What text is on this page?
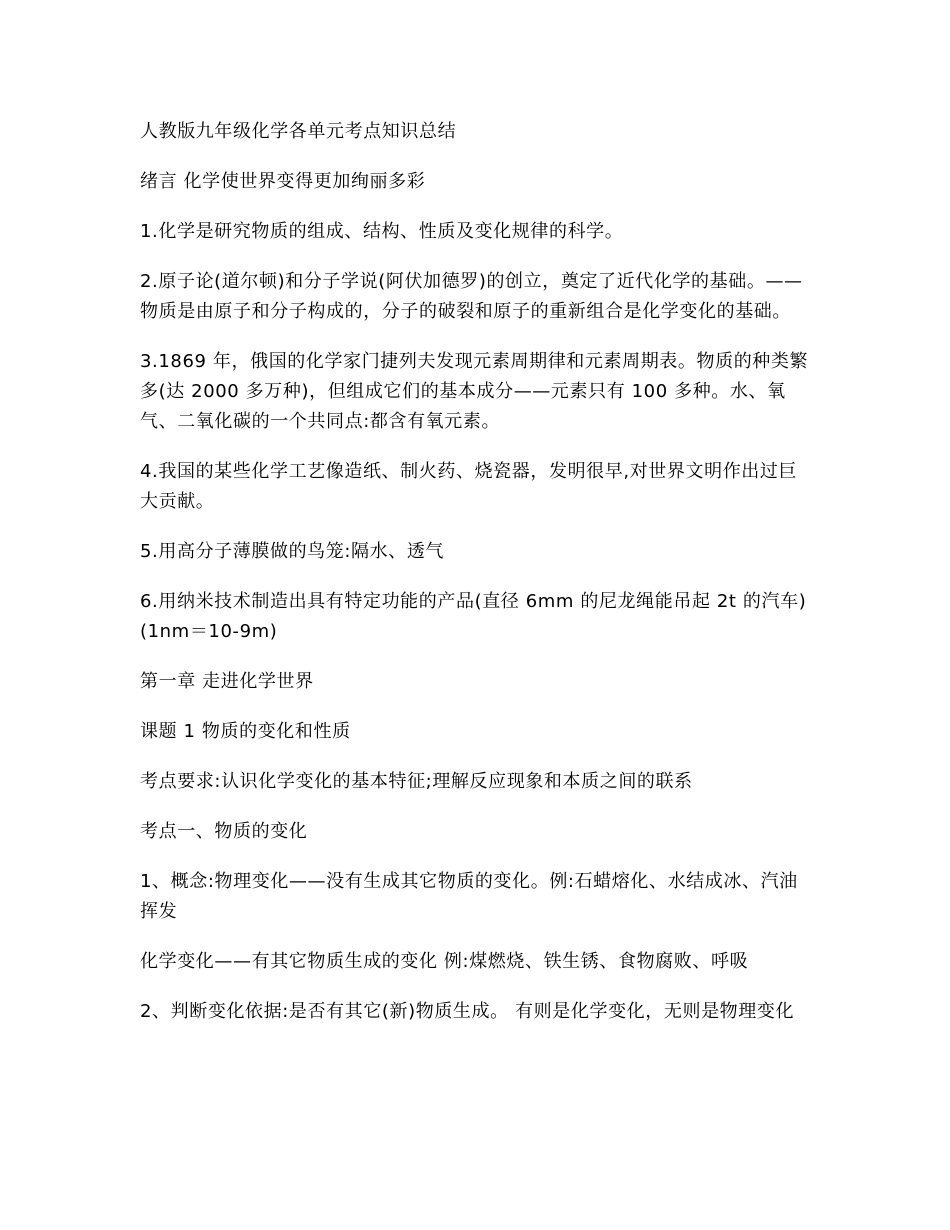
人教版九年级化学各单元考点知识总结

绪言 化学使世界变得更加绚丽多彩

1.化学是研究物质的组成、结构、性质及变化规律的科学。

2.原子论(道尔顿)和分子学说(阿伏加德罗)的创立，奠定了近代化学的基础。——物质是由原子和分子构成的，分子的破裂和原子的重新组合是化学变化的基础。

3.1869 年，俄国的化学家门捷列夫发现元素周期律和元素周期表。物质的种类繁多(达 2000 多万种)，但组成它们的基本成分——元素只有 100 多种。水、氧气、二氧化碳的一个共同点:都含有氧元素。

4.我国的某些化学工艺像造纸、制火药、烧瓷器，发明很早,对世界文明作出过巨大贡献。

5.用高分子薄膜做的鸟笼:隔水、透气

6.用纳米技术制造出具有特定功能的产品(直径 6mm 的尼龙绳能吊起 2t 的汽车)(1nm＝10-9m)

第一章 走进化学世界

课题 1 物质的变化和性质

考点要求:认识化学变化的基本特征;理解反应现象和本质之间的联系

考点一、物质的变化

1、概念:物理变化——没有生成其它物质的变化。例:石蜡熔化、水结成冰、汽油挥发

化学变化——有其它物质生成的变化 例:煤燃烧、铁生锈、食物腐败、呼吸

2、判断变化依据:是否有其它(新)物质生成。 有则是化学变化，无则是物理变化
